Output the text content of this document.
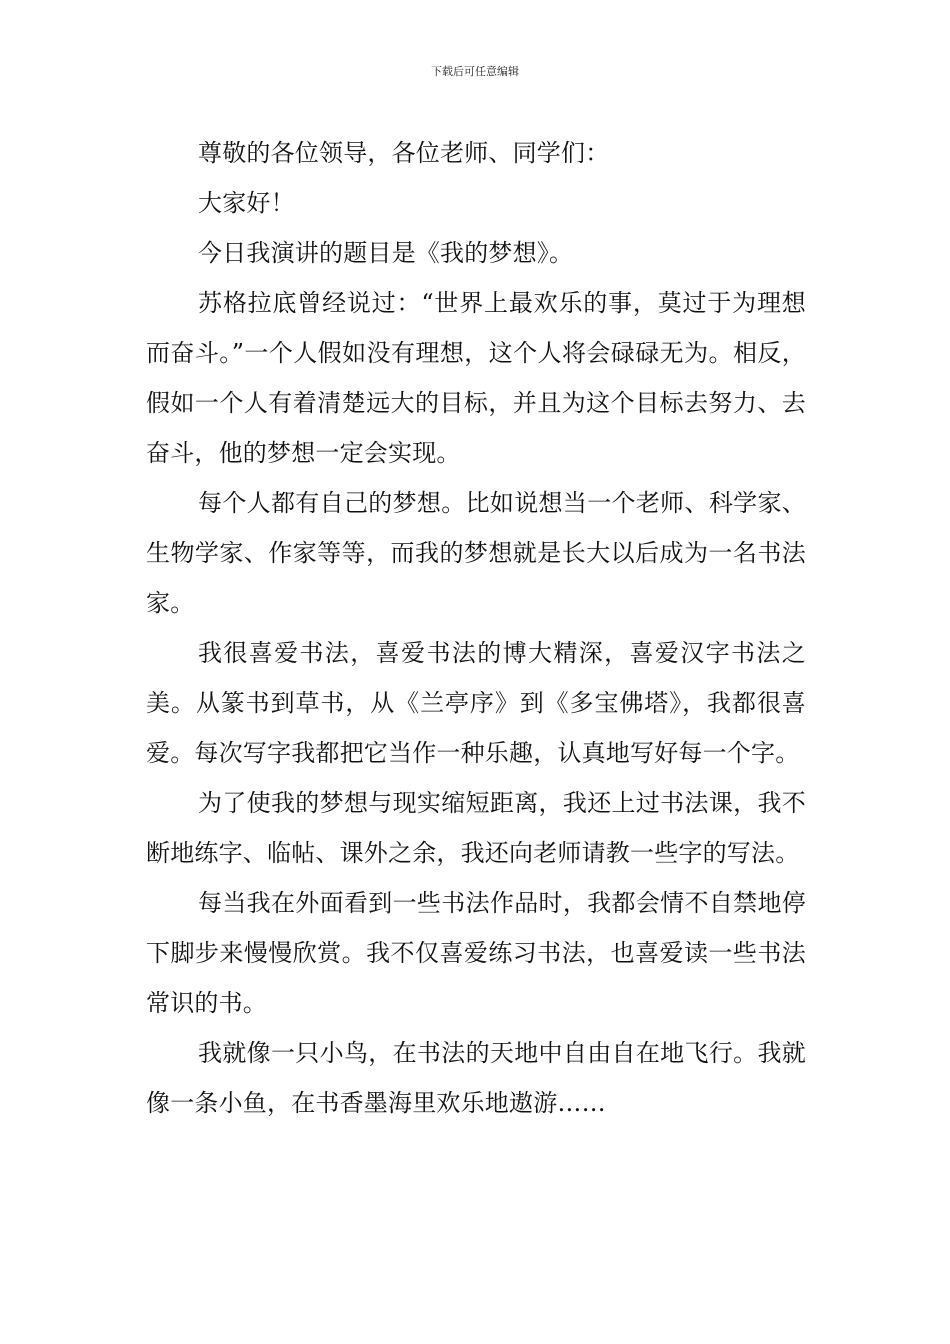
下载后可任意编辑

尊敬的各位领导，各位老师、同学们：

大家好！

今日我演讲的题目是《我的梦想》。

苏格拉底曾经说过：“世界上最欢乐的事，莫过于为理想而奋斗。”一个人假如没有理想，这个人将会碌碌无为。相反，假如一个人有着清楚远大的目标，并且为这个目标去努力、去奋斗，他的梦想一定会实现。

每个人都有自己的梦想。比如说想当一个老师、科学家、生物学家、作家等等，而我的梦想就是长大以后成为一名书法家。

我很喜爱书法，喜爱书法的博大精深，喜爱汉字书法之美。从篆书到草书，从《兰亭序》到《多宝佛塔》，我都很喜爱。每次写字我都把它当作一种乐趣，认真地写好每一个字。

为了使我的梦想与现实缩短距离，我还上过书法课，我不断地练字、临帖、课外之余，我还向老师请教一些字的写法。

每当我在外面看到一些书法作品时，我都会情不自禁地停下脚步来慢慢欣赏。我不仅喜爱练习书法，也喜爱读一些书法常识的书。

我就像一只小鸟，在书法的天地中自由自在地飞行。我就像一条小鱼，在书香墨海里欢乐地遨游……
